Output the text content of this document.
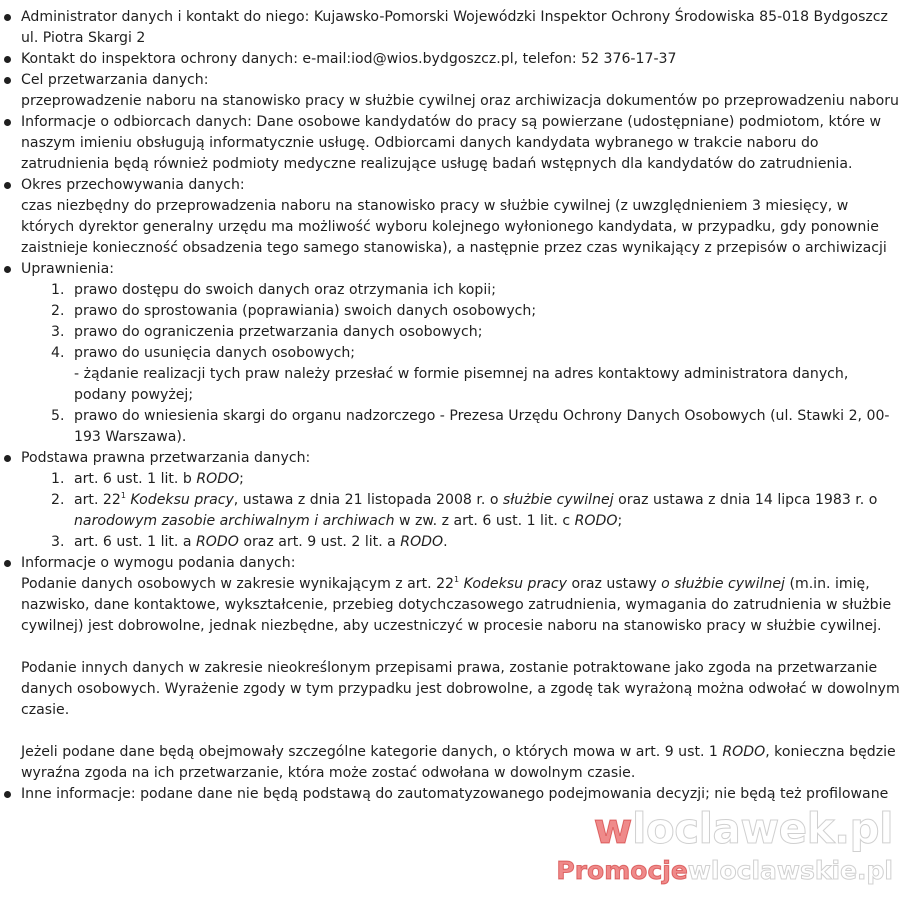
Administrator danych i kontakt do niego: Kujawsko-Pomorski Wojewódzki Inspektor Ochrony Środowiska 85-018 Bydgoszcz ul. Piotra Skargi 2
Kontakt do inspektora ochrony danych: e-mail:iod@wios.bydgoszcz.pl, telefon: 52 376-17-37
Cel przetwarzania danych:
przeprowadzenie naboru na stanowisko pracy w służbie cywilnej oraz archiwizacja dokumentów po przeprowadzeniu naboru
Informacje o odbiorcach danych: Dane osobowe kandydatów do pracy są powierzane (udostępniane) podmiotom, które w naszym imieniu obsługują informatycznie usługę. Odbiorcami danych kandydata wybranego w trakcie naboru do zatrudnienia będą również podmioty medyczne realizujące usługę badań wstępnych dla kandydatów do zatrudnienia.
Okres przechowywania danych:
czas niezbędny do przeprowadzenia naboru na stanowisko pracy w służbie cywilnej (z uwzględnieniem 3 miesięcy, w których dyrektor generalny urzędu ma możliwość wyboru kolejnego wyłonionego kandydata, w przypadku, gdy ponownie zaistnieje konieczność obsadzenia tego samego stanowiska), a następnie przez czas wynikający z przepisów o archiwizacji
Uprawnienia:
1. prawo dostępu do swoich danych oraz otrzymania ich kopii;
2. prawo do sprostowania (poprawiania) swoich danych osobowych;
3. prawo do ograniczenia przetwarzania danych osobowych;
4. prawo do usunięcia danych osobowych;
- żądanie realizacji tych praw należy przesłać w formie pisemnej na adres kontaktowy administratora danych, podany powyżej;
5. prawo do wniesienia skargi do organu nadzorczego - Prezesa Urzędu Ochrony Danych Osobowych (ul. Stawki 2, 00-193 Warszawa).
Podstawa prawna przetwarzania danych:
1. art. 6 ust. 1 lit. b RODO;
2. art. $22^1$ Kodeksu pracy, ustawa z dnia 21 listopada 2008 r. o służbie cywilnej oraz ustawa z dnia 14 lipca 1983 r. o narodowym zasobie archiwalnym i archiwach w zw. z art. 6 ust. 1 lit. c RODO;
3. art. 6 ust. 1 lit. a RODO oraz art. 9 ust. 2 lit. a RODO.
Informacje o wymogu podania danych:
Podanie danych osobowych w zakresie wynikającym z art. $22^1$ Kodeksu pracy oraz ustawy o służbie cywilnej (m.in. imię, nazwisko, dane kontaktowe, wykształcenie, przebieg dotychczasowego zatrudnienia, wymagania do zatrudnienia w służbie cywilnej) jest dobrowolne, jednak niezbędne, aby uczestniczyć w procesie naboru na stanowisko pracy w służbie cywilnej.
Podanie innych danych w zakresie nieokreślonym przepisami prawa, zostanie potraktowane jako zgoda na przetwarzanie danych osobowych. Wyrażenie zgody w tym przypadku jest dobrowolne, a zgodę tak wyrażoną można odwołać w dowolnym czasie.
Jeżeli podane dane będą obejmowały szczególne kategorie danych, o których mowa w art. 9 ust. 1 RODO, konieczna będzie wyraźna zgoda na ich przetwarzanie, która może zostać odwołana w dowolnym czasie.
Inne informacje: podane dane nie będą podstawą do zautomatyzowanego podejmowania decyzji; nie będą też profilowane
wloclawek.pl
Promocjewloclawskie.pl
